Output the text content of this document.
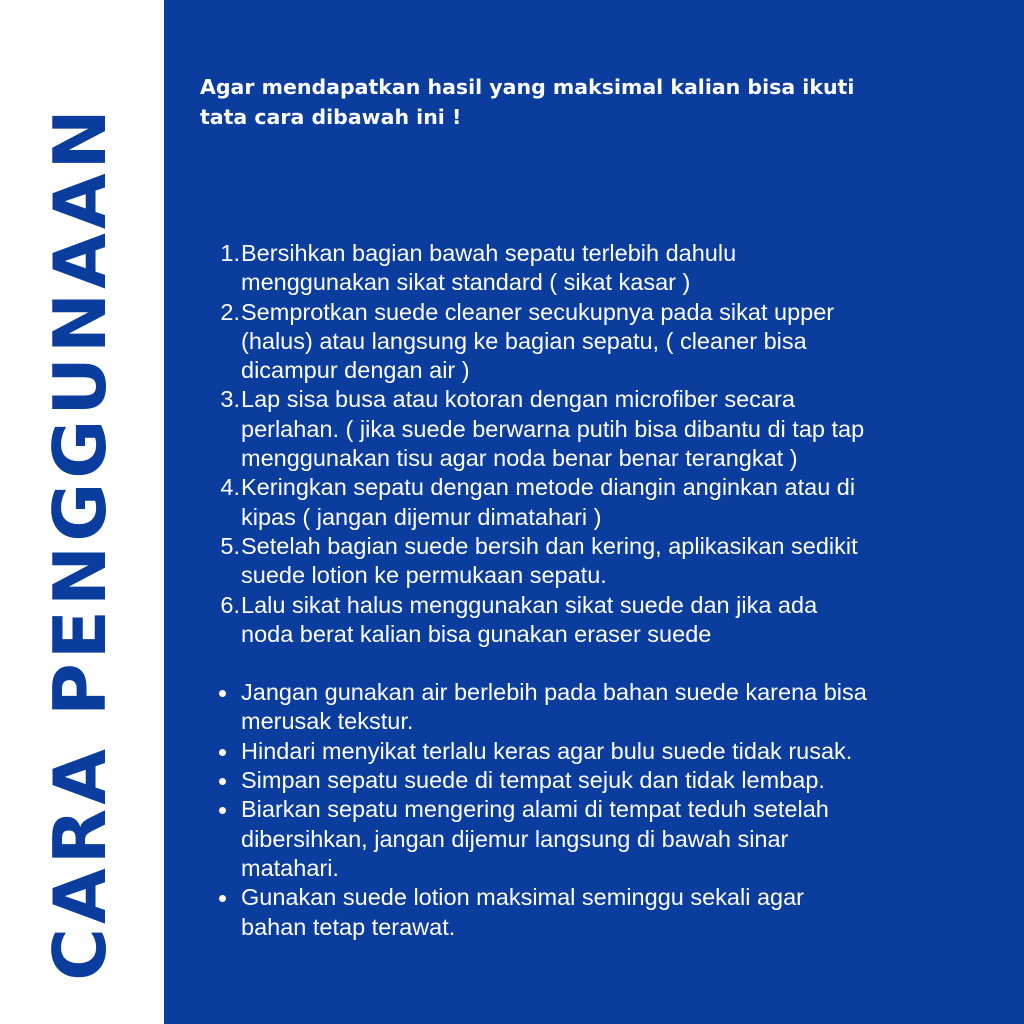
CARA PENGGUNAAN
Agar mendapatkan hasil yang maksimal kalian bisa ikuti
tata cara dibawah ini !
1. Bersihkan bagian bawah sepatu terlebih dahulu
menggunakan sikat standard ( sikat kasar )
2. Semprotkan suede cleaner secukupnya pada sikat upper
(halus) atau langsung ke bagian sepatu, ( cleaner bisa
dicampur dengan air )
3. Lap sisa busa atau kotoran dengan microfiber secara
perlahan. ( jika suede berwarna putih bisa dibantu di tap tap
menggunakan tisu agar noda benar benar terangkat )
4. Keringkan sepatu dengan metode diangin anginkan atau di
kipas ( jangan dijemur dimatahari )
5. Setelah bagian suede bersih dan kering, aplikasikan sedikit
suede lotion ke permukaan sepatu.
6. Lalu sikat halus menggunakan sikat suede dan jika ada
noda berat kalian bisa gunakan eraser suede
Jangan gunakan air berlebih pada bahan suede karena bisa
merusak tekstur.
Hindari menyikat terlalu keras agar bulu suede tidak rusak.
Simpan sepatu suede di tempat sejuk dan tidak lembap.
Biarkan sepatu mengering alami di tempat teduh setelah
dibersihkan, jangan dijemur langsung di bawah sinar
matahari.
Gunakan suede lotion maksimal seminggu sekali agar
bahan tetap terawat.
